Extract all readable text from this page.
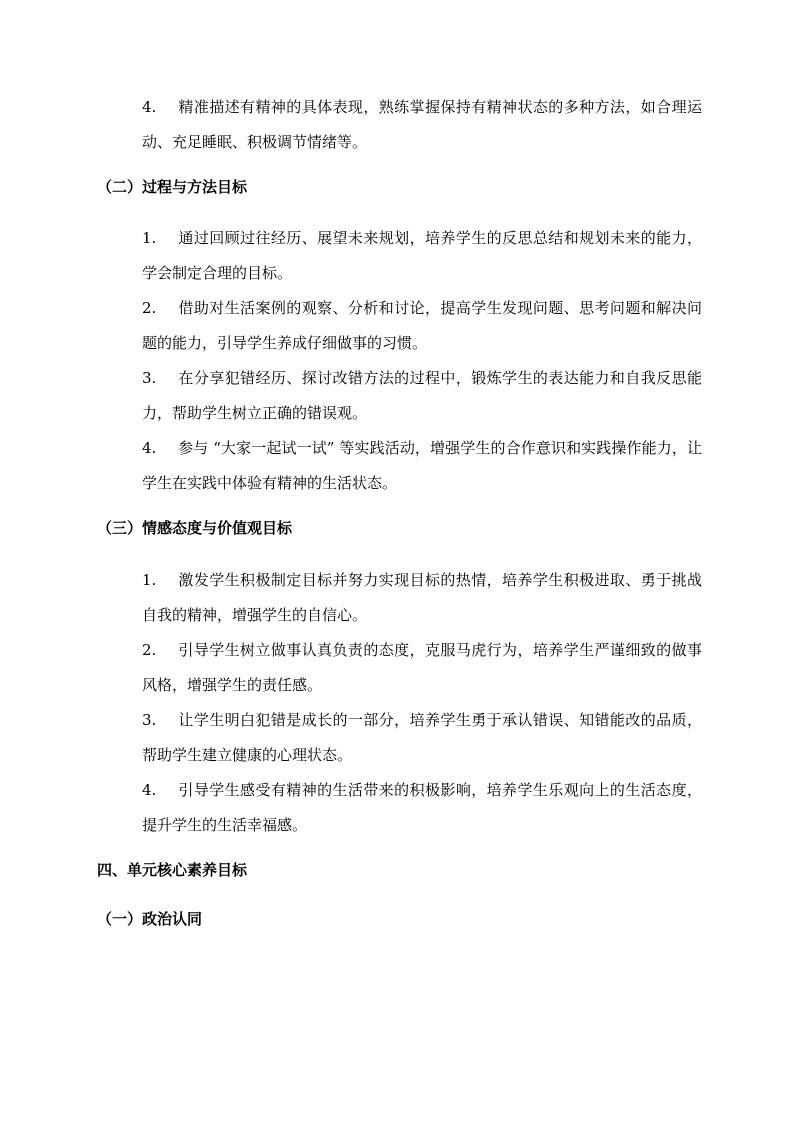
4. 精准描述有精神的具体表现，熟练掌握保持有精神状态的多种方法，如合理运动、充足睡眠、积极调节情绪等。

（二）过程与方法目标

1. 通过回顾过往经历、展望未来规划，培养学生的反思总结和规划未来的能力，学会制定合理的目标。

2. 借助对生活案例的观察、分析和讨论，提高学生发现问题、思考问题和解决问题的能力，引导学生养成仔细做事的习惯。

3. 在分享犯错经历、探讨改错方法的过程中，锻炼学生的表达能力和自我反思能力，帮助学生树立正确的错误观。

4. 参与 “大家一起试一试” 等实践活动，增强学生的合作意识和实践操作能力，让学生在实践中体验有精神的生活状态。

（三）情感态度与价值观目标

1. 激发学生积极制定目标并努力实现目标的热情，培养学生积极进取、勇于挑战自我的精神，增强学生的自信心。

2. 引导学生树立做事认真负责的态度，克服马虎行为，培养学生严谨细致的做事风格，增强学生的责任感。

3. 让学生明白犯错是成长的一部分，培养学生勇于承认错误、知错能改的品质，帮助学生建立健康的心理状态。

4. 引导学生感受有精神的生活带来的积极影响，培养学生乐观向上的生活态度，提升学生的生活幸福感。

四、单元核心素养目标
（一）政治认同
